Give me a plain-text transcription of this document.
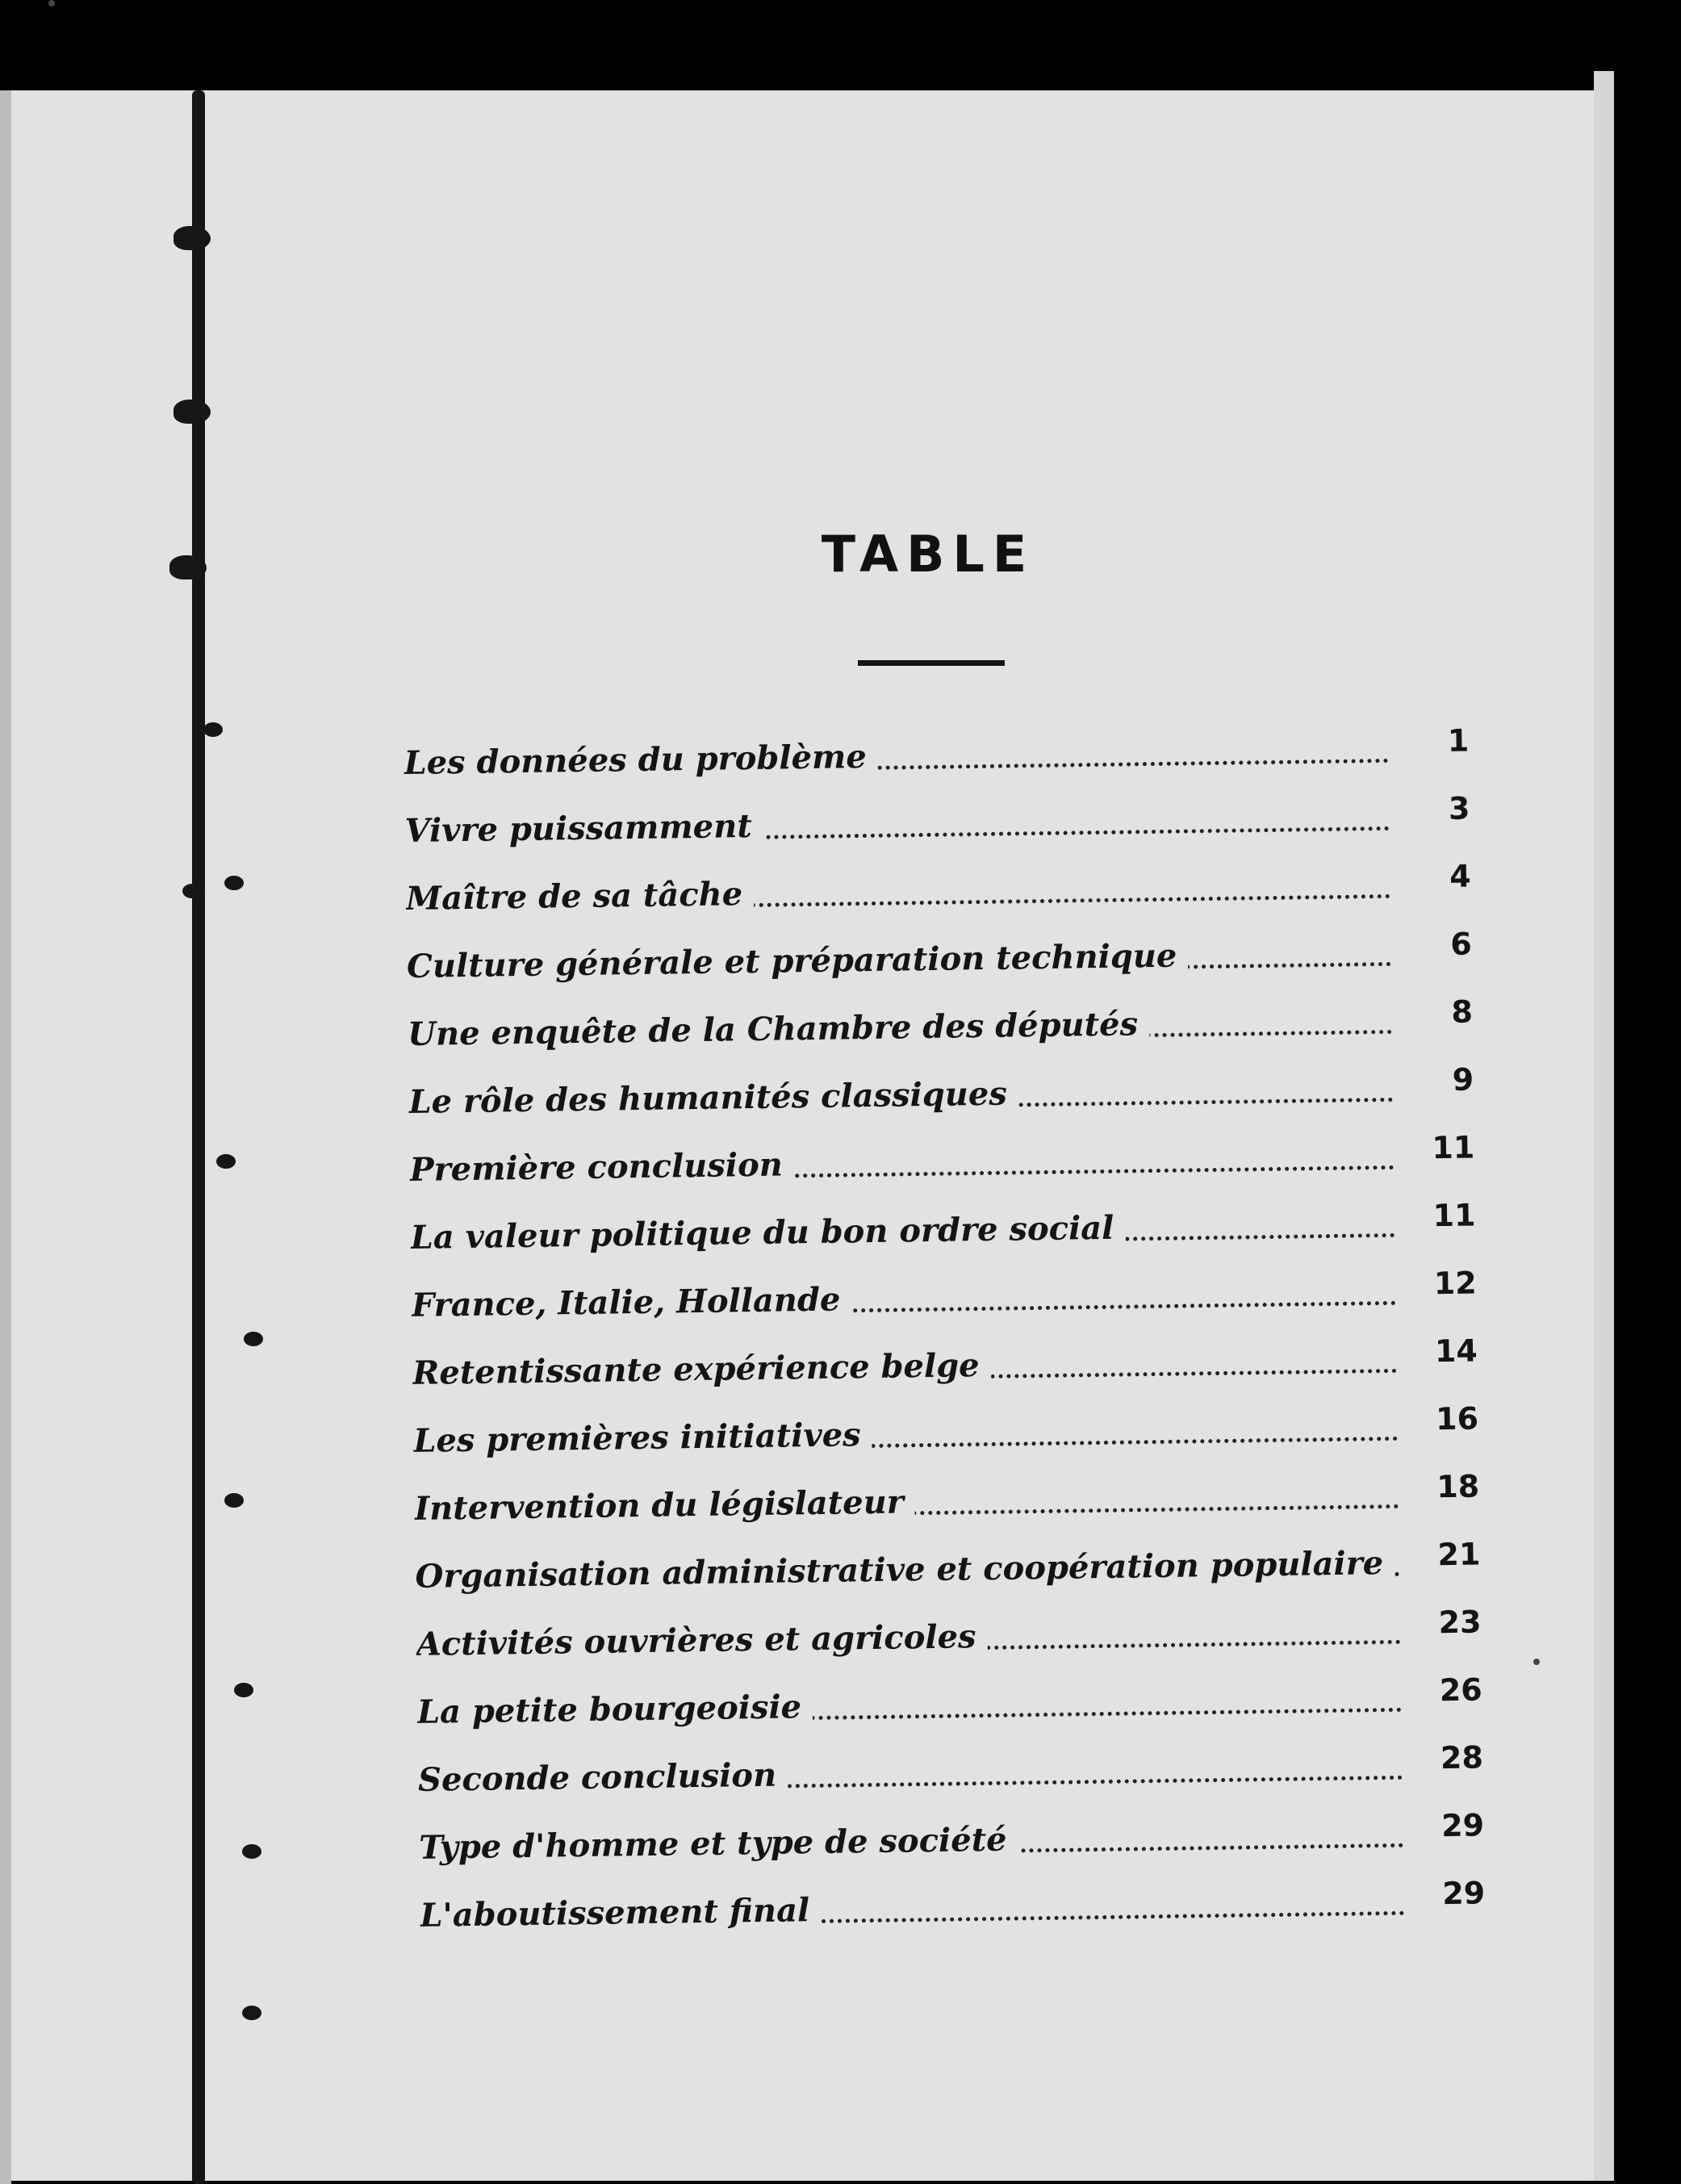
TABLE
Les données du problème	1
Vivre puissamment	3
Maître de sa tâche	4
Culture générale et préparation technique	6
Une enquête de la Chambre des députés	8
Le rôle des humanités classiques	9
Première conclusion	11
La valeur politique du bon ordre social	11
France, Italie, Hollande	12
Retentissante expérience belge	14
Les premières initiatives	16
Intervention du législateur	18
Organisation administrative et coopération populaire	21
Activités ouvrières et agricoles	23
La petite bourgeoisie	26
Seconde conclusion	28
Type d'homme et type de société	29
L'aboutissement final	29
